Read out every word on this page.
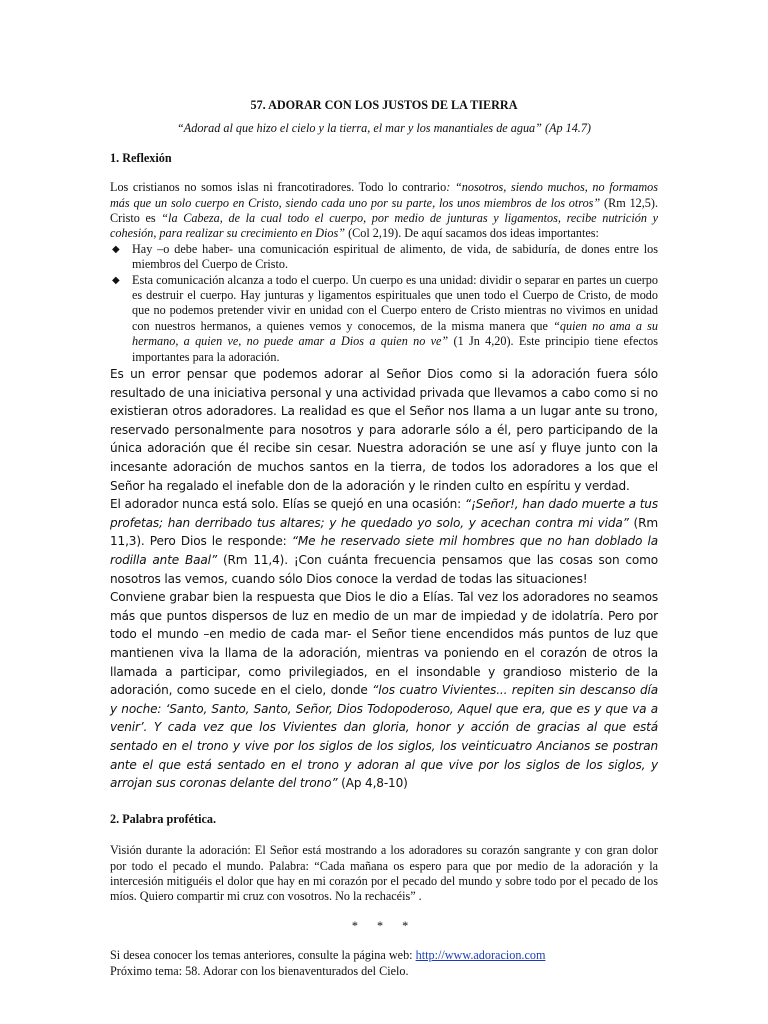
57. ADORAR CON LOS JUSTOS DE LA TIERRA

“Adorad al que hizo el cielo y la tierra, el mar y los manantiales de agua” (Ap 14.7)

1. Reflexión

Los cristianos no somos islas ni francotiradores. Todo lo contrario: “nosotros, siendo muchos, no formamos más que un solo cuerpo en Cristo, siendo cada uno por su parte, los unos miembros de los otros” (Rm 12,5). Cristo es “la Cabeza, de la cual todo el cuerpo, por medio de junturas y ligamentos, recibe nutrición y cohesión, para realizar su crecimiento en Dios” (Col 2,19). De aquí sacamos dos ideas importantes:

◆ Hay –o debe haber- una comunicación espiritual de alimento, de vida, de sabiduría, de dones entre los miembros del Cuerpo de Cristo.
◆ Esta comunicación alcanza a todo el cuerpo. Un cuerpo es una unidad: dividir o separar en partes un cuerpo es destruir el cuerpo. Hay junturas y ligamentos espirituales que unen todo el Cuerpo de Cristo, de modo que no podemos pretender vivir en unidad con el Cuerpo entero de Cristo mientras no vivimos en unidad con nuestros hermanos, a quienes vemos y conocemos, de la misma manera que “quien no ama a su hermano, a quien ve, no puede amar a Dios a quien no ve” (1 Jn 4,20). Este principio tiene efectos importantes para la adoración.

Es un error pensar que podemos adorar al Señor Dios como si la adoración fuera sólo resultado de una iniciativa personal y una actividad privada que llevamos a cabo como si no existieran otros adoradores. La realidad es que el Señor nos llama a un lugar ante su trono, reservado personalmente para nosotros y para adorarle sólo a él, pero participando de la única adoración que él recibe sin cesar. Nuestra adoración se une así y fluye junto con la incesante adoración de muchos santos en la tierra, de todos los adoradores a los que el Señor ha regalado el inefable don de la adoración y le rinden culto en espíritu y verdad.

El adorador nunca está solo. Elías se quejó en una ocasión: “¡Señor!, han dado muerte a tus profetas; han derribado tus altares; y he quedado yo solo, y acechan contra mi vida” (Rm 11,3). Pero Dios le responde: “Me he reservado siete mil hombres que no han doblado la rodilla ante Baal” (Rm 11,4). ¡Con cuánta frecuencia pensamos que las cosas son como nosotros las vemos, cuando sólo Dios conoce la verdad de todas las situaciones!

Conviene grabar bien la respuesta que Dios le dio a Elías. Tal vez los adoradores no seamos más que puntos dispersos de luz en medio de un mar de impiedad y de idolatría. Pero por todo el mundo –en medio de cada mar- el Señor tiene encendidos más puntos de luz que mantienen viva la llama de la adoración, mientras va poniendo en el corazón de otros la llamada a participar, como privilegiados, en el insondable y grandioso misterio de la adoración, como sucede en el cielo, donde “los cuatro Vivientes... repiten sin descanso día y noche: ‘Santo, Santo, Santo, Señor, Dios Todopoderoso, Aquel que era, que es y que va a venir’. Y cada vez que los Vivientes dan gloria, honor y acción de gracias al que está sentado en el trono y vive por los siglos de los siglos, los veinticuatro Ancianos se postran ante el que está sentado en el trono y adoran al que vive por los siglos de los siglos, y arrojan sus coronas delante del trono” (Ap 4,8-10)

2. Palabra profética.

Visión durante la adoración: El Señor está mostrando a los adoradores su corazón sangrante y con gran dolor por todo el pecado el mundo. Palabra: “Cada mañana os espero para que por medio de la adoración y la intercesión mitiguéis el dolor que hay en mi corazón por el pecado del mundo y sobre todo por el pecado de los míos. Quiero compartir mi cruz con vosotros. No la rechacéis” .

* * *

Si desea conocer los temas anteriores, consulte la página web: http://www.adoracion.com

Próximo tema: 58. Adorar con los bienaventurados del Cielo.
